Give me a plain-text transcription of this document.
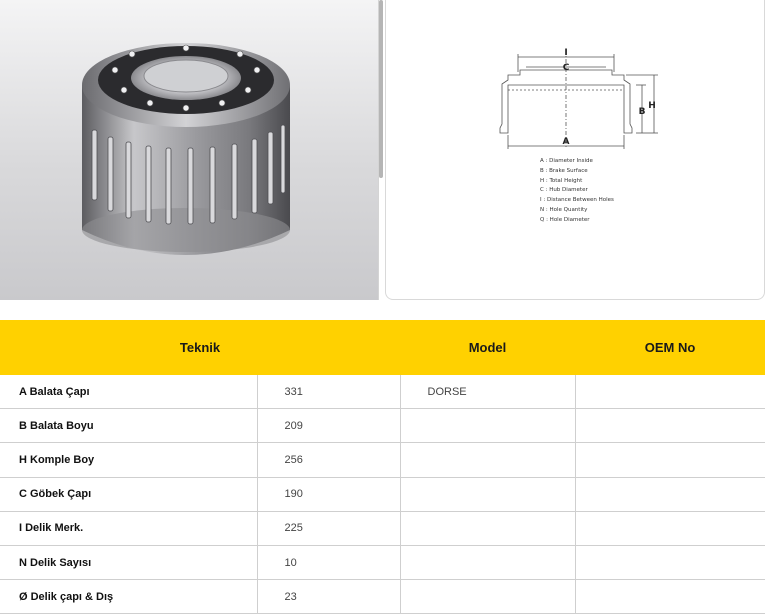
I
C
B
H
A
A : Diameter Inside
B : Brake Surface
H : Total Height
C : Hub Diameter
I : Distance Between Holes
N : Hole Quantity
Q : Hole Diameter
Teknik		Model	OEM No
A Balata Çapı	331	DORSE	
B Balata Boyu	209		
H Komple Boy	256		
C Göbek Çapı	190		
I Delik Merk.	225		
N Delik Sayısı	10		
Ø Delik çapı & Dış	23		
